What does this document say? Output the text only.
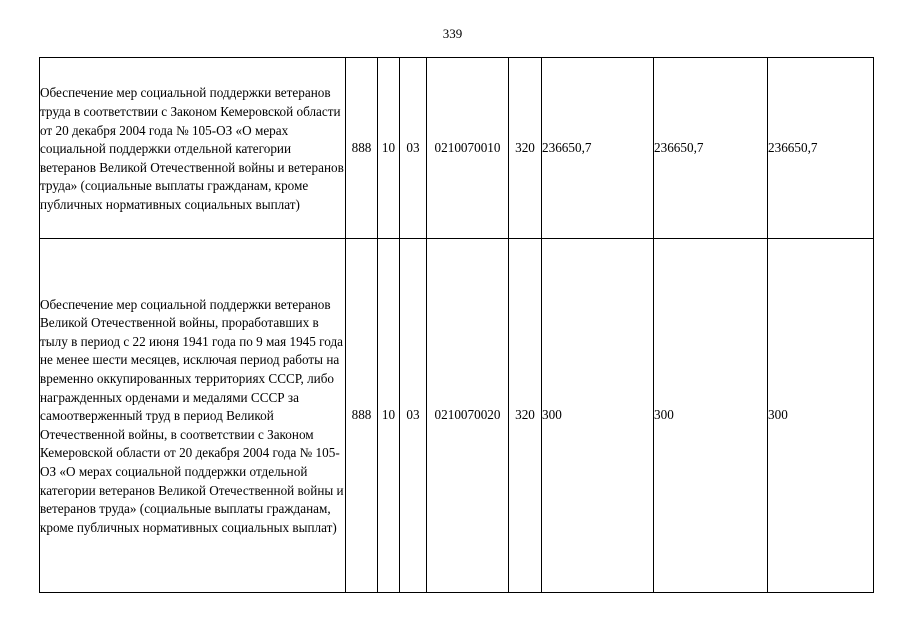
339
Обеспечение мер социальной поддержки ветеранов труда в соответствии с Законом Кемеровской области от 20 декабря 2004 года № 105-ОЗ «О мерах социальной поддержки отдельной категории ветеранов Великой Отечественной войны и ветеранов труда» (социальные выплаты гражданам, кроме публичных нормативных социальных выплат)	888	10	03	0210070010	320	236650,7	236650,7	236650,7
Обеспечение мер социальной поддержки ветеранов Великой Отечественной войны, проработавших в тылу в период с 22 июня 1941 года по 9 мая 1945 года не менее шести месяцев, исключая период работы на временно оккупированных территориях СССР, либо награжденных орденами и медалями СССР за самоотверженный труд в период Великой Отечественной войны, в соответствии с Законом Кемеровской области от 20 декабря 2004 года № 105-ОЗ «О мерах социальной поддержки отдельной категории ветеранов Великой Отечественной войны и ветеранов труда» (социальные выплаты гражданам, кроме публичных нормативных социальных выплат)	888	10	03	0210070020	320	300	300	300
